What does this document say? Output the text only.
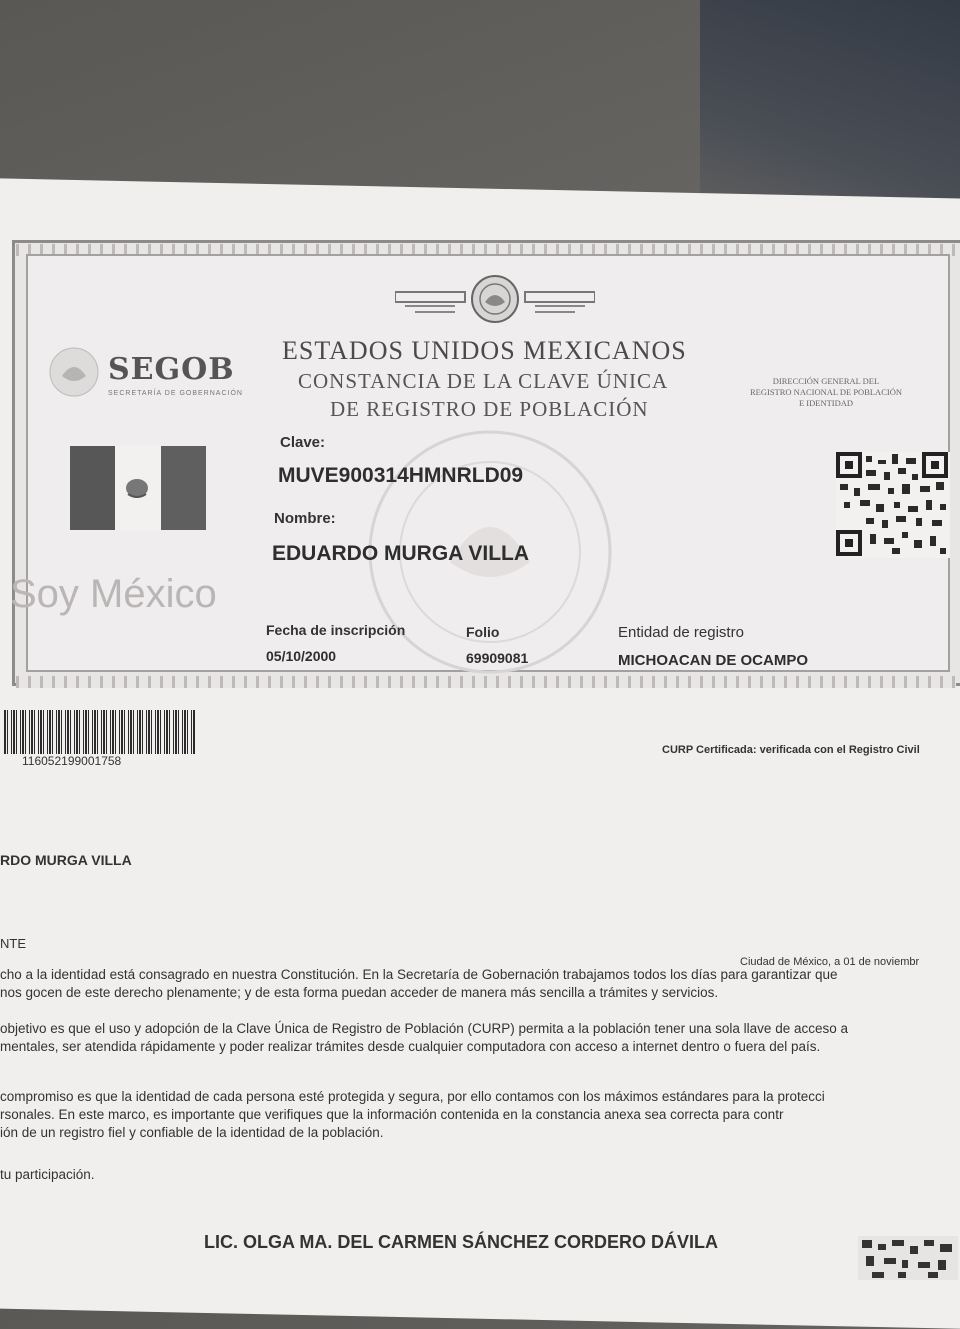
SEGOB
SECRETARÍA DE GOBERNACIÓN
ESTADOS UNIDOS MEXICANOS
CONSTANCIA DE LA CLAVE ÚNICA
DE REGISTRO DE POBLACIÓN
DIRECCIÓN GENERAL DEL
REGISTRO NACIONAL DE POBLACIÓN
E IDENTIDAD
Soy México
Clave:
MUVE900314HMNRLD09
Nombre:
EDUARDO MURGA VILLA
Fecha de inscripción
05/10/2000
Folio
69909081
Entidad de registro
MICHOACAN DE OCAMPO
116052199001758
CURP Certificada: verificada con el Registro Civil
RDO MURGA VILLA
NTE
Ciudad de México, a 01 de noviembr
cho a la identidad está consagrado en nuestra Constitución. En la Secretaría de Gobernación trabajamos todos los días para garantizar que
nos gocen de este derecho plenamente; y de esta forma puedan acceder de manera más sencilla a trámites y servicios.
objetivo es que el uso y adopción de la Clave Única de Registro de Población (CURP) permita a la población tener una sola llave de acceso a
mentales, ser atendida rápidamente y poder realizar trámites desde cualquier computadora con acceso a internet dentro o fuera del país.
compromiso es que la identidad de cada persona esté protegida y segura, por ello contamos con los máximos estándares para la protecci
rsonales. En este marco, es importante que verifiques que la información contenida en la constancia anexa sea correcta para contr
ión de un registro fiel y confiable de la identidad de la población.
tu participación.
LIC. OLGA MA. DEL CARMEN SÁNCHEZ CORDERO DÁVILA
